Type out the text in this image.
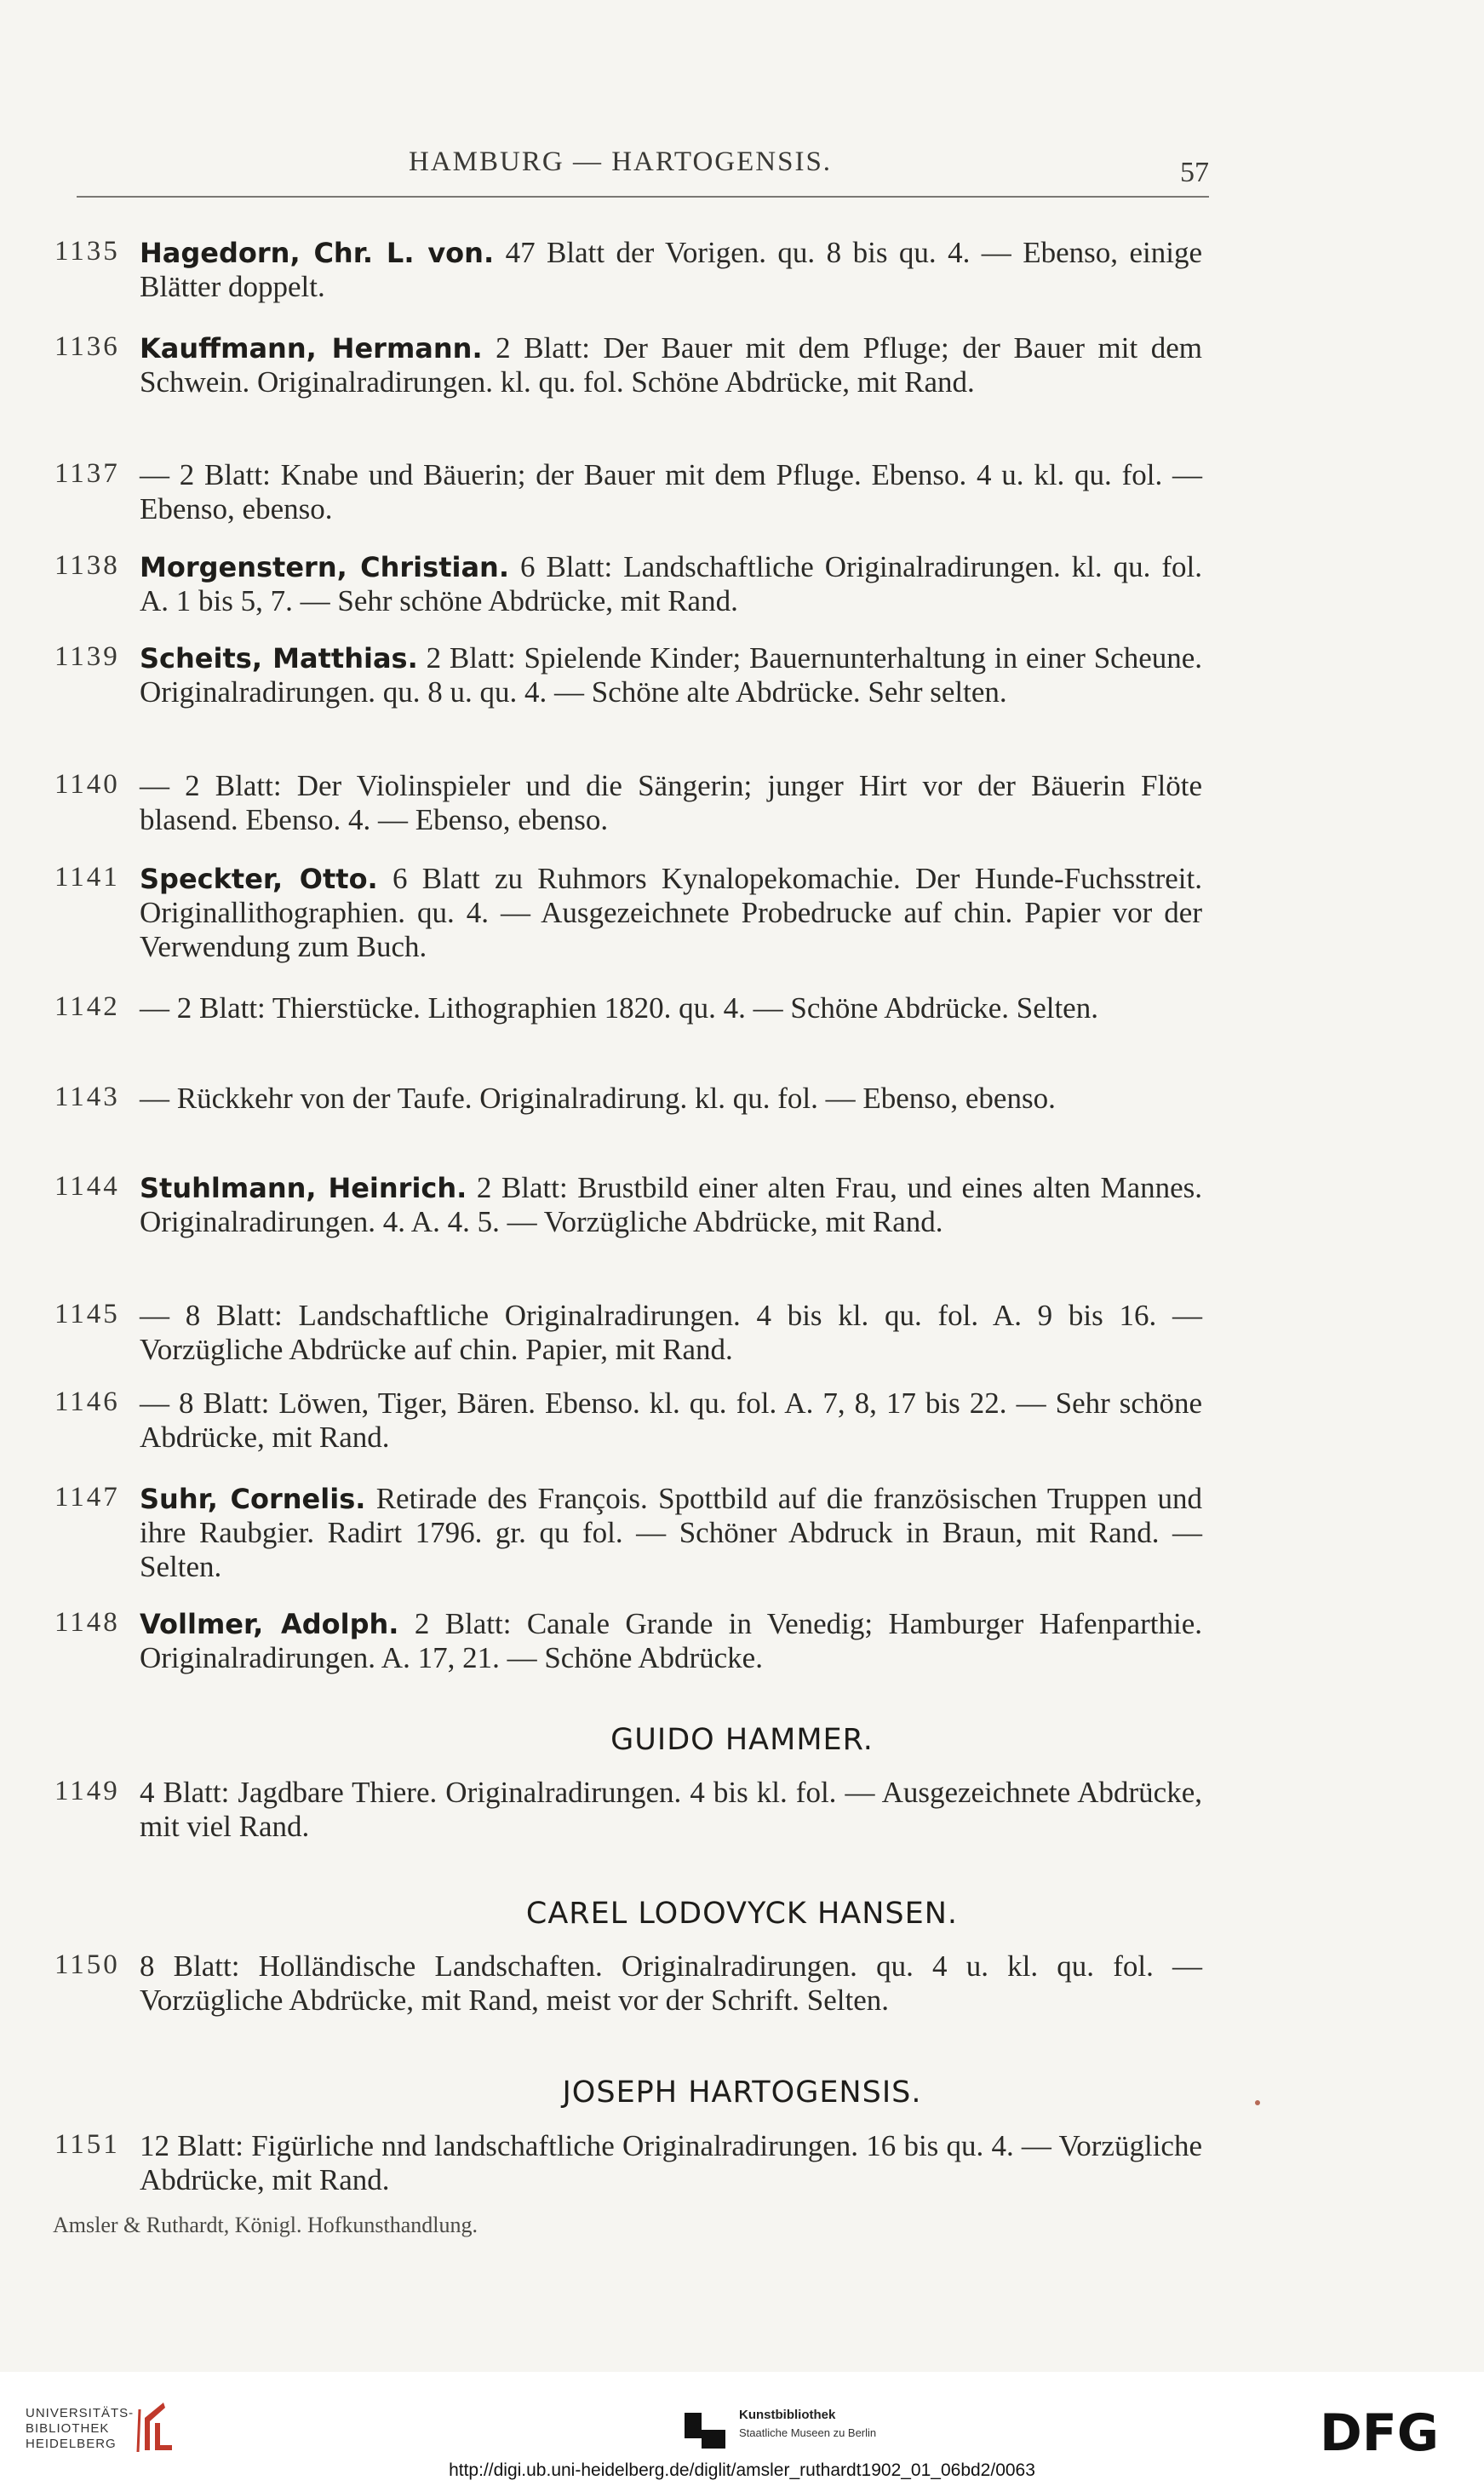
HAMBURG — HARTOGENSIS.	57
1135 Hagedorn, Chr. L. von. 47 Blatt der Vorigen. qu. 8 bis qu. 4. — Ebenso, einige Blätter doppelt.
1136 Kauffmann, Hermann. 2 Blatt: Der Bauer mit dem Pfluge; der Bauer mit dem Schwein. Originalradirungen. kl. qu. fol. Schöne Abdrücke, mit Rand.
1137 — 2 Blatt: Knabe und Bäuerin; der Bauer mit dem Pfluge. Ebenso. 4 u. kl. qu. fol. — Ebenso, ebenso.
1138 Morgenstern, Christian. 6 Blatt: Landschaftliche Originalradirungen. kl. qu. fol. A. 1 bis 5, 7. — Sehr schöne Abdrücke, mit Rand.
1139 Scheits, Matthias. 2 Blatt: Spielende Kinder; Bauernunterhaltung in einer Scheune. Originalradirungen. qu. 8 u. qu. 4. — Schöne alte Abdrücke. Sehr selten.
1140 — 2 Blatt: Der Violinspieler und die Sängerin; junger Hirt vor der Bäuerin Flöte blasend. Ebenso. 4. — Ebenso, ebenso.
1141 Speckter, Otto. 6 Blatt zu Ruhmors Kynalopekomachie. Der Hunde-Fuchsstreit. Originallithographien. qu. 4. — Ausgezeichnete Probedrucke auf chin. Papier vor der Verwendung zum Buch.
1142 — 2 Blatt: Thierstücke. Lithographien 1820. qu. 4. — Schöne Abdrücke. Selten.
1143 — Rückkehr von der Taufe. Originalradirung. kl. qu. fol. — Ebenso, ebenso.
1144 Stuhlmann, Heinrich. 2 Blatt: Brustbild einer alten Frau, und eines alten Mannes. Originalradirungen. 4. A. 4. 5. — Vorzügliche Abdrücke, mit Rand.
1145 — 8 Blatt: Landschaftliche Originalradirungen. 4 bis kl. qu. fol. A. 9 bis 16. — Vorzügliche Abdrücke auf chin. Papier, mit Rand.
1146 — 8 Blatt: Löwen, Tiger, Bären. Ebenso. kl. qu. fol. A. 7, 8, 17 bis 22. — Sehr schöne Abdrücke, mit Rand.
1147 Suhr, Cornelis. Retirade des François. Spottbild auf die französischen Truppen und ihre Raubgier. Radirt 1796. gr. qu fol. — Schöner Abdruck in Braun, mit Rand. — Selten.
1148 Vollmer, Adolph. 2 Blatt: Canale Grande in Venedig; Hamburger Hafenparthie. Originalradirungen. A. 17, 21. — Schöne Abdrücke.
GUIDO HAMMER.
1149 4 Blatt: Jagdbare Thiere. Originalradirungen. 4 bis kl. fol. — Ausgezeichnete Abdrücke, mit viel Rand.
CAREL LODOVYCK HANSEN.
1150 8 Blatt: Holländische Landschaften. Originalradirungen. qu. 4 u. kl. qu. fol. — Vorzügliche Abdrücke, mit Rand, meist vor der Schrift. Selten.
JOSEPH HARTOGENSIS.
1151 12 Blatt: Figürliche nnd landschaftliche Originalradirungen. 16 bis qu. 4. — Vorzügliche Abdrücke, mit Rand.
Amsler & Ruthardt, Königl. Hofkunsthandlung.
UNIVERSITÄTS-
BIBLIOTHEK
HEIDELBERG
Kunstbibliothek
Staatliche Museen zu Berlin	DFG
http://digi.ub.uni-heidelberg.de/diglit/amsler_ruthardt1902_01_06bd2/0063
